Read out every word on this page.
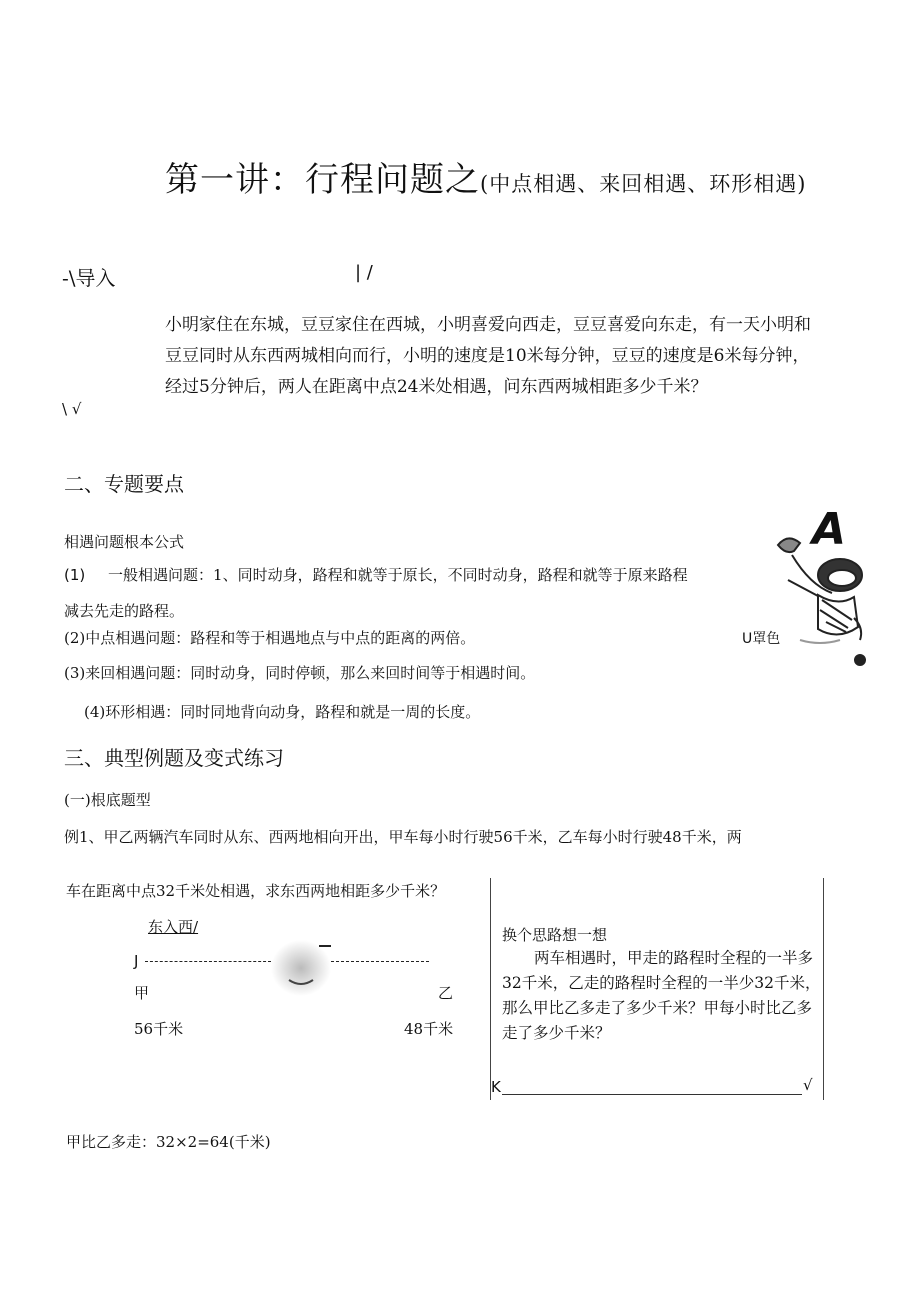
第一讲：行程问题之(中点相遇、来回相遇、环形相遇)
-\导入	| /
小明家住在东城，豆豆家住在西城，小明喜爱向西走，豆豆喜爱向东走，有一天小明和
豆豆同时从东西两城相向而行，小明的速度是10米每分钟，豆豆的速度是6米每分钟，
经过5分钟后，两人在距离中点24米处相遇，问东西两城相距多少千米？
\ √
二、专题要点
相遇问题根本公式
(1) 一般相遇问题：1、同时动身，路程和就等于原长，不同时动身，路程和就等于原来路程
减去先走的路程。
(2)中点相遇问题：路程和等于相遇地点与中点的距离的两倍。
(3)来回相遇问题：同时动身，同时停顿，那么来回时间等于相遇时间。
(4)环形相遇：同时同地背向动身，路程和就是一周的长度。
A
U罩色
三、典型例题及变式练习
(一)根底题型
例1、甲乙两辆汽车同时从东、西两地相向开出，甲车每小时行驶56千米，乙车每小时行驶48千米，两
车在距离中点32千米处相遇，求东西两地相距多少千米？
东入西/
J
甲	乙
56千米	48千米
换个思路想一想
两车相遇时，甲走的路程时全程的一半多
32千米，乙走的路程时全程的一半少32千米，
那么甲比乙多走了多少千米？甲每小时比乙多
走了多少千米？
K	√
甲比乙多走：32×2=64(千米)
